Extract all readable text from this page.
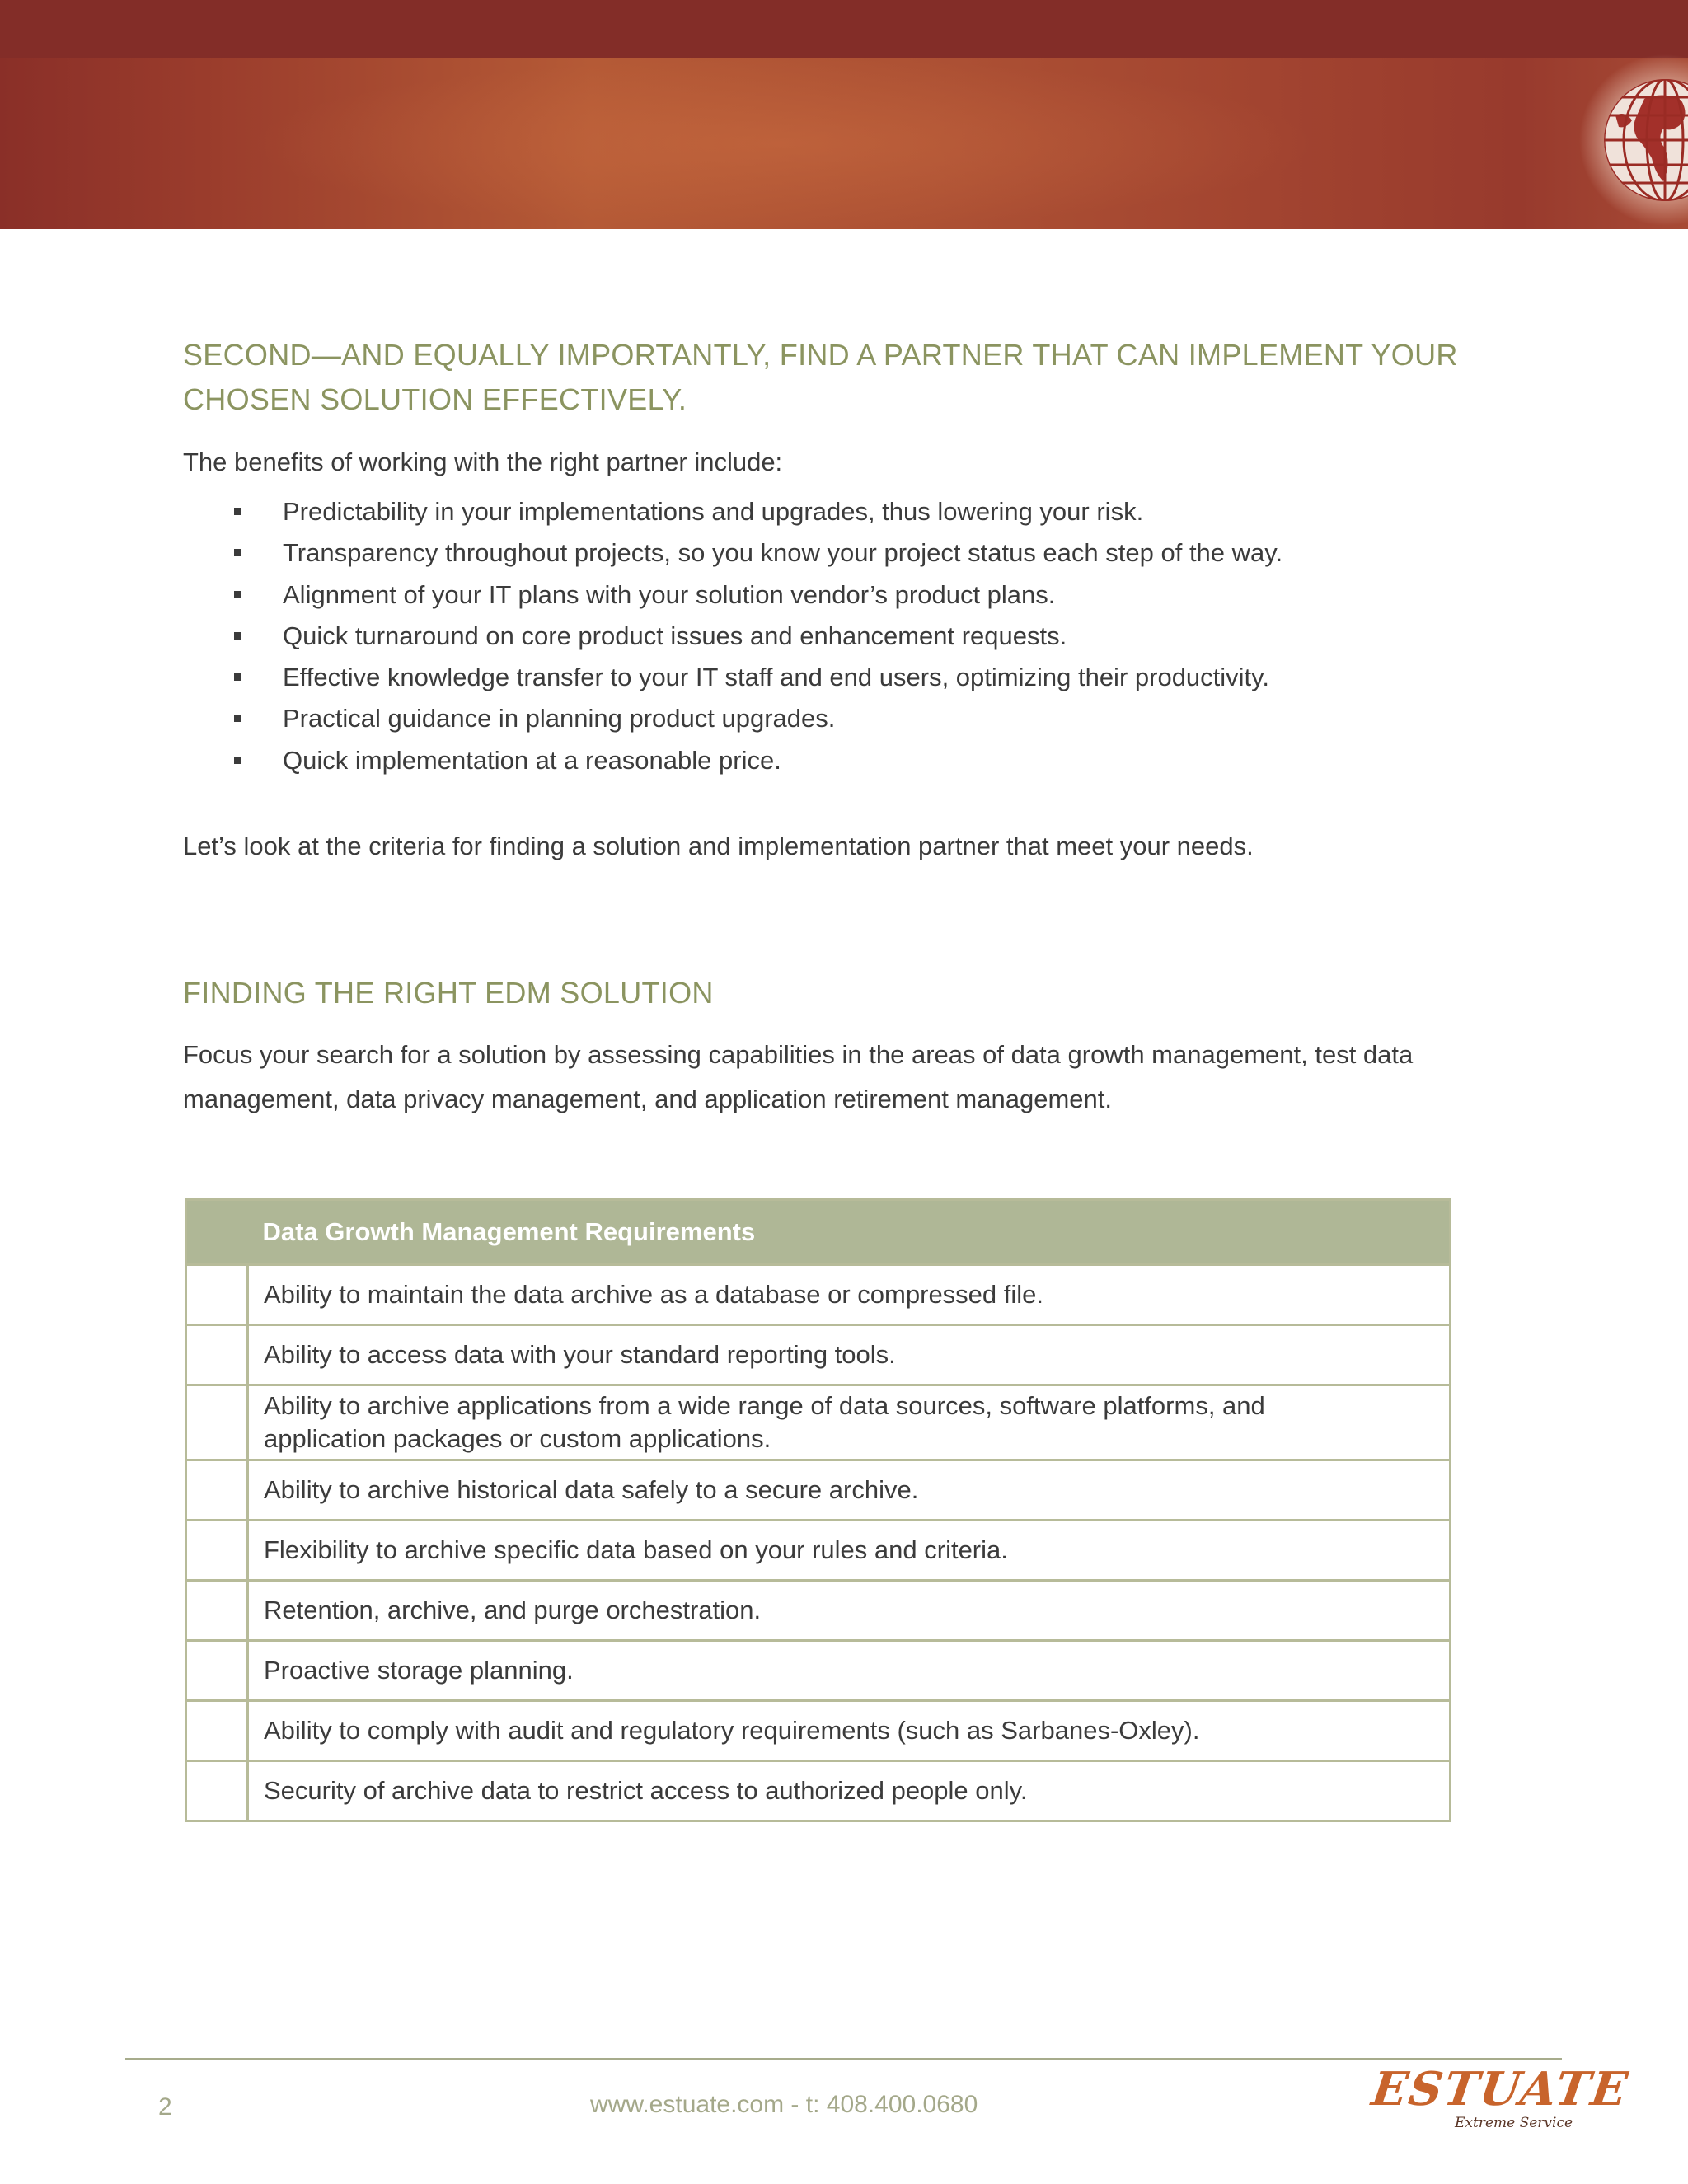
SECOND—AND EQUALLY IMPORTANTLY, FIND A PARTNER THAT CAN IMPLEMENT YOUR
CHOSEN SOLUTION EFFECTIVELY.

The benefits of working with the right partner include:

Predictability in your implementations and upgrades, thus lowering your risk.
Transparency throughout projects, so you know your project status each step of the way.
Alignment of your IT plans with your solution vendor’s product plans.
Quick turnaround on core product issues and enhancement requests.
Effective knowledge transfer to your IT staff and end users, optimizing their productivity.
Practical guidance in planning product upgrades.
Quick implementation at a reasonable price.

Let’s look at the criteria for finding a solution and implementation partner that meet your needs.

FINDING THE RIGHT EDM SOLUTION

Focus your search for a solution by assessing capabilities in the areas of data growth management, test data
management, data privacy management, and application retirement management.

	Data Growth Management Requirements
	Ability to maintain the data archive as a database or compressed file.
	Ability to access data with your standard reporting tools.
	Ability to archive applications from a wide range of data sources, software platforms, and
application packages or custom applications.
	Ability to archive historical data safely to a secure archive.
	Flexibility to archive specific data based on your rules and criteria.
	Retention, archive, and purge orchestration.
	Proactive storage planning.
	Ability to comply with audit and regulatory requirements (such as Sarbanes-Oxley).
	Security of archive data to restrict access to authorized people only.
2	www.estuate.com - t: 408.400.0680	ESTUATE
Extreme Service
